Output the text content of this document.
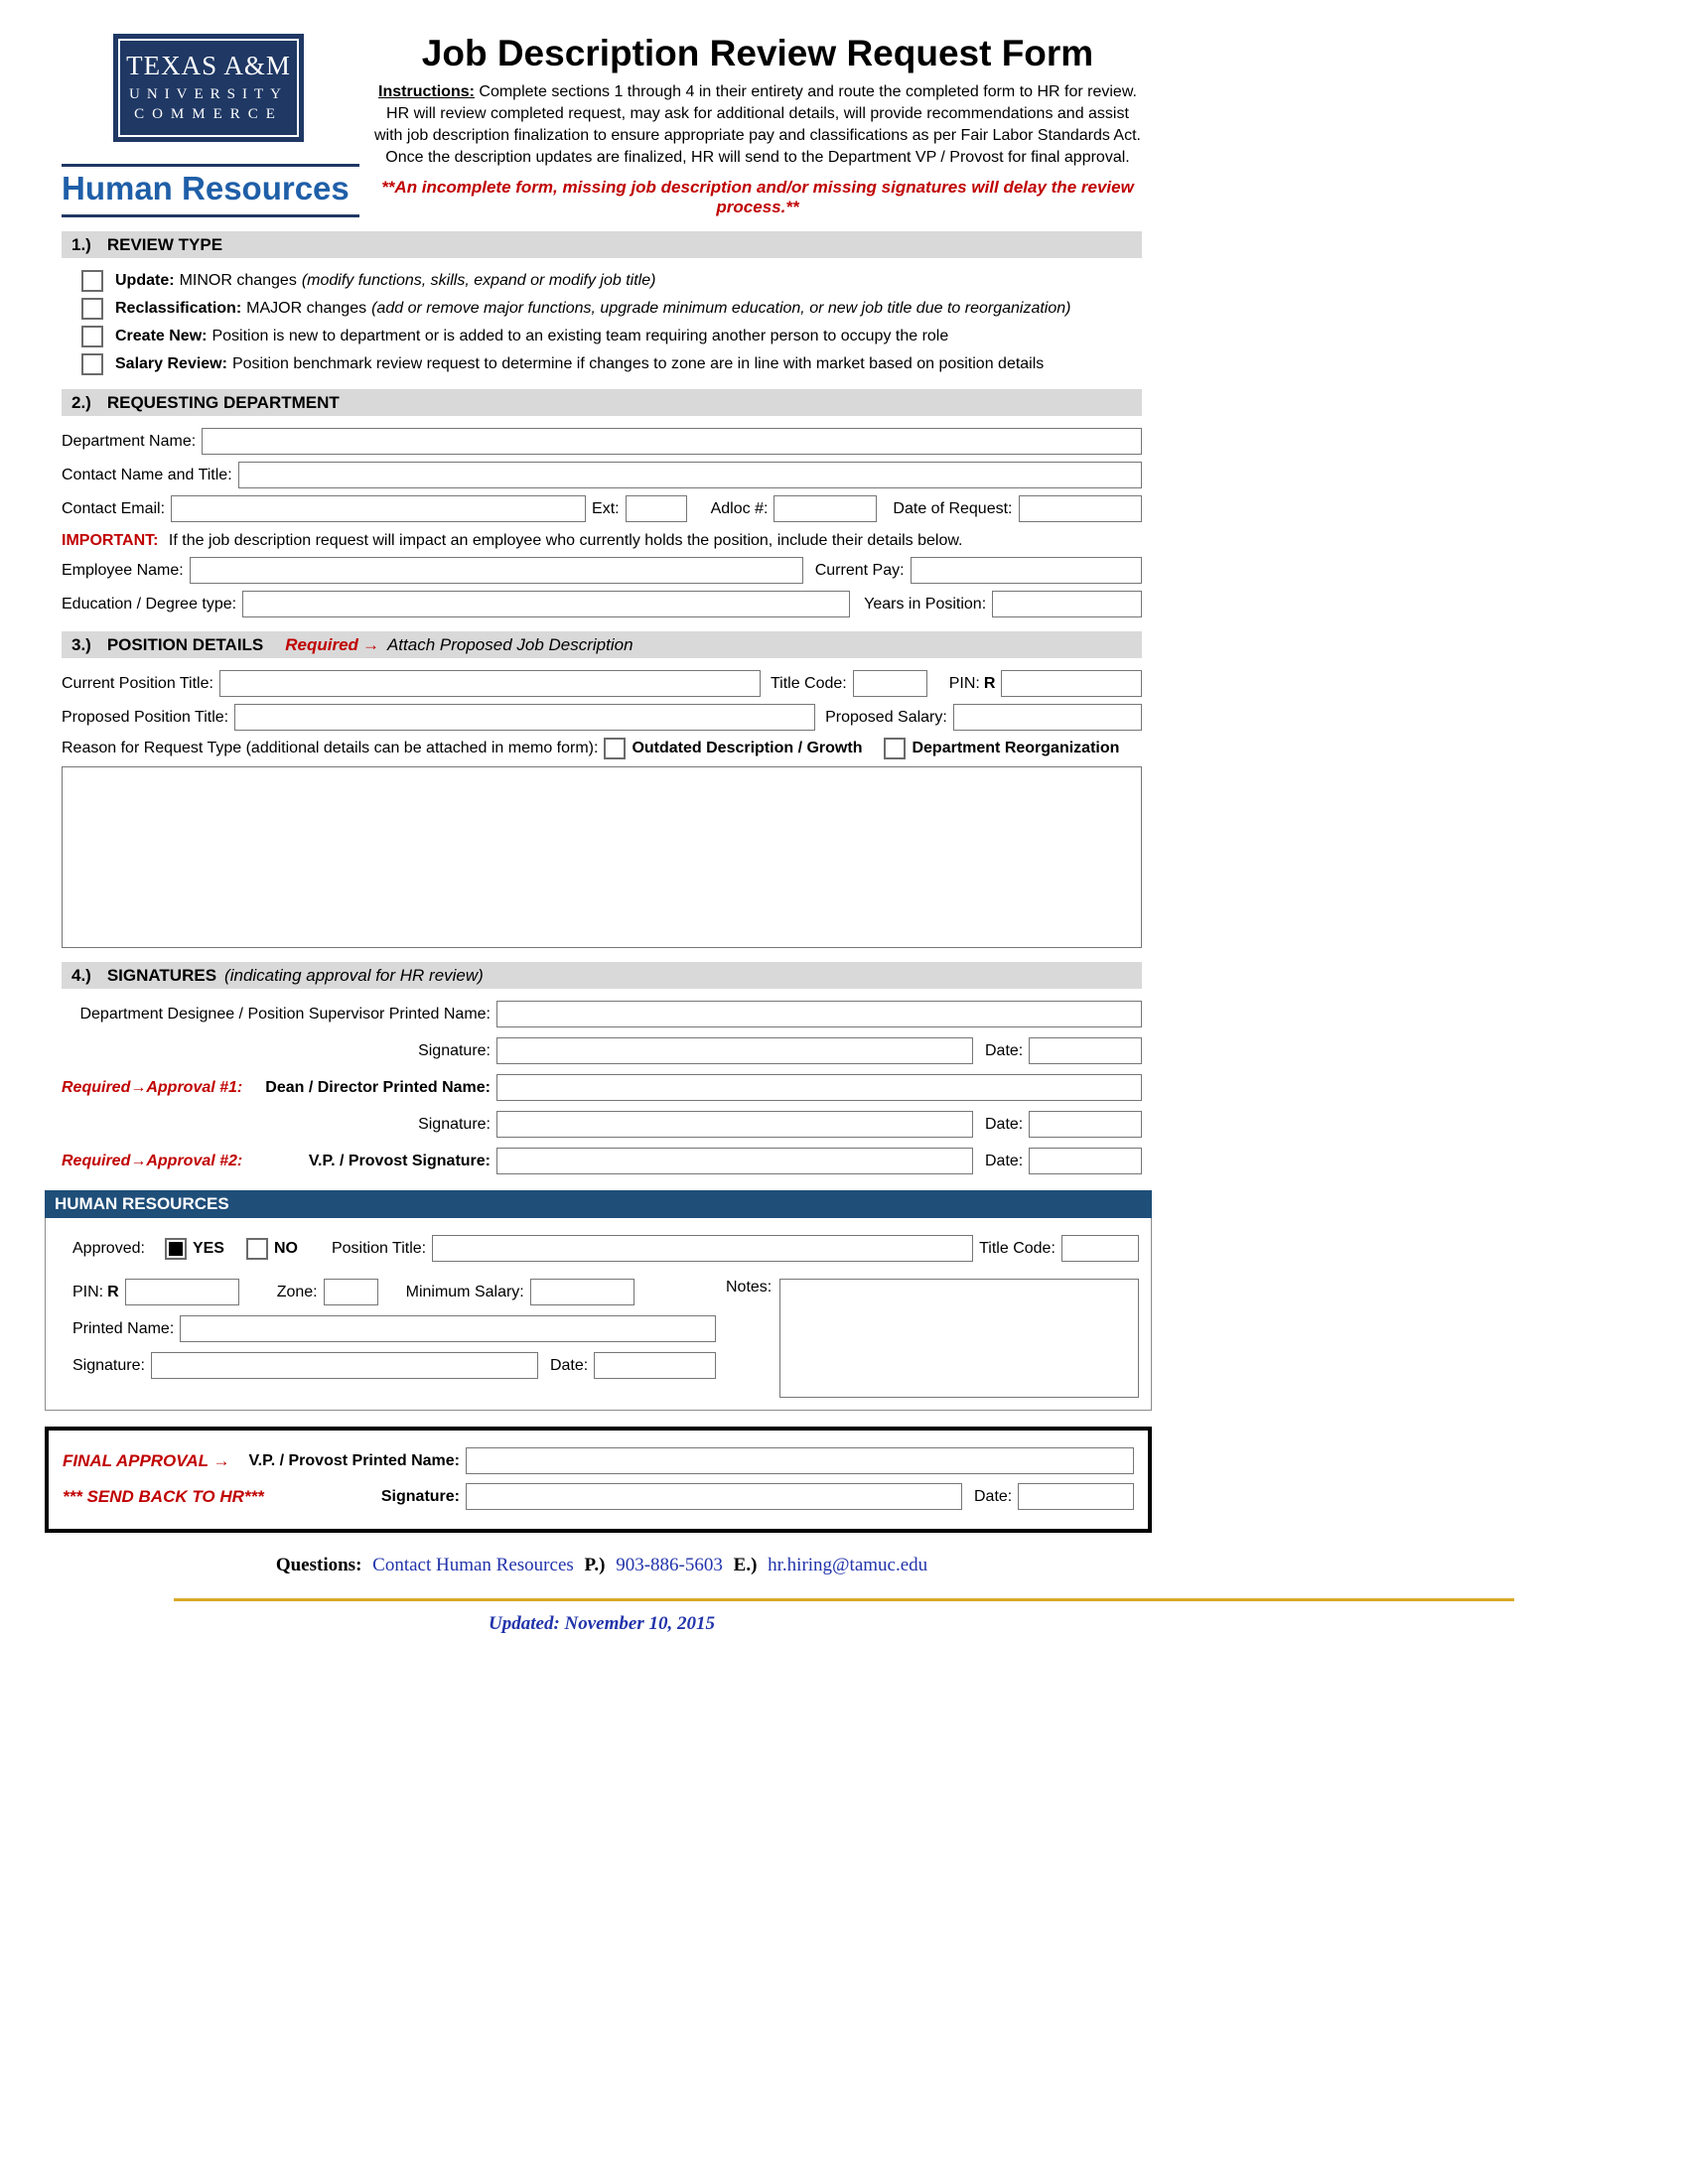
TEXAS A&M
UNIVERSITY
COMMERCE
Human Resources
Job Description Review Request Form

Instructions: Complete sections 1 through 4 in their entirety and route the completed form to HR for review. HR will review completed request, may ask for additional details, will provide recommendations and assist with job description finalization to ensure appropriate pay and classifications as per Fair Labor Standards Act.
Once the description updates are finalized, HR will send to the Department VP / Provost for final approval.

**An incomplete form, missing job description and/or missing signatures will delay the review process.**

1.) REVIEW TYPE
Update: MINOR changes (modify functions, skills, expand or modify job title)
Reclassification: MAJOR changes (add or remove major functions, upgrade minimum education, or new job title due to reorganization)
Create New: Position is new to department or is added to an existing team requiring another person to occupy the role
Salary Review: Position benchmark review request to determine if changes to zone are in line with market based on position details
2.) REQUESTING DEPARTMENT
Department Name:
Contact Name and Title:
Contact Email:	Ext:	Adloc #:	Date of Request:

IMPORTANT: If the job description request will impact an employee who currently holds the position, include their details below.

Employee Name:	Current Pay:
Education / Degree type:	Years in Position:
3.) POSITION DETAILS Required → Attach Proposed Job Description
Current Position Title:	Title Code:	PIN: R
Proposed Position Title:	Proposed Salary:
Reason for Request Type (additional details can be attached in memo form): Outdated Description / Growth	Department Reorganization
4.) SIGNATURES (indicating approval for HR review)
Department Designee / Position Supervisor Printed Name:
Signature:	Date:
Required→Approval #1: Dean / Director Printed Name:
Signature:	Date:
Required→Approval #2:	V.P. / Provost Signature:	Date:
HUMAN RESOURCES
Approved:	YES	NO Position Title:	Title Code:
PIN: R	Zone:	Minimum Salary:
Printed Name:
Signature:	Date:
Notes:
FINAL APPROVAL → V.P. / Provost Printed Name:
*** SEND BACK TO HR***	Signature:	Date:

Questions: Contact Human Resources P.) 903-886-5603 E.) hr.hiring@tamuc.edu

Updated: November 10, 2015
